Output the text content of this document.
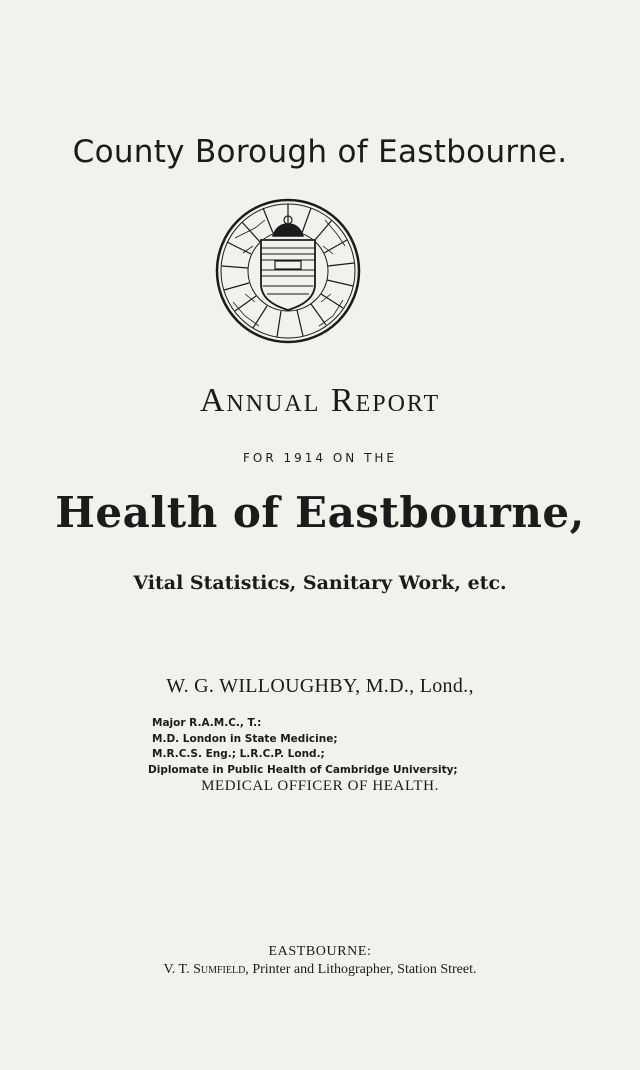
County Borough of Eastbourne.
Annual Report
FOR 1914 ON THE
Health of Eastbourne,
Vital Statistics, Sanitary Work, etc.
W. G. WILLOUGHBY, M.D., Lond.,
Major R.A.M.C., T.:
M.D. London in State Medicine;
M.R.C.S. Eng.; L.R.C.P. Lond.;
Diplomate in Public Health of Cambridge University;
MEDICAL OFFICER OF HEALTH.
EASTBOURNE:
V. T. Sumfield, Printer and Lithographer, Station Street.
